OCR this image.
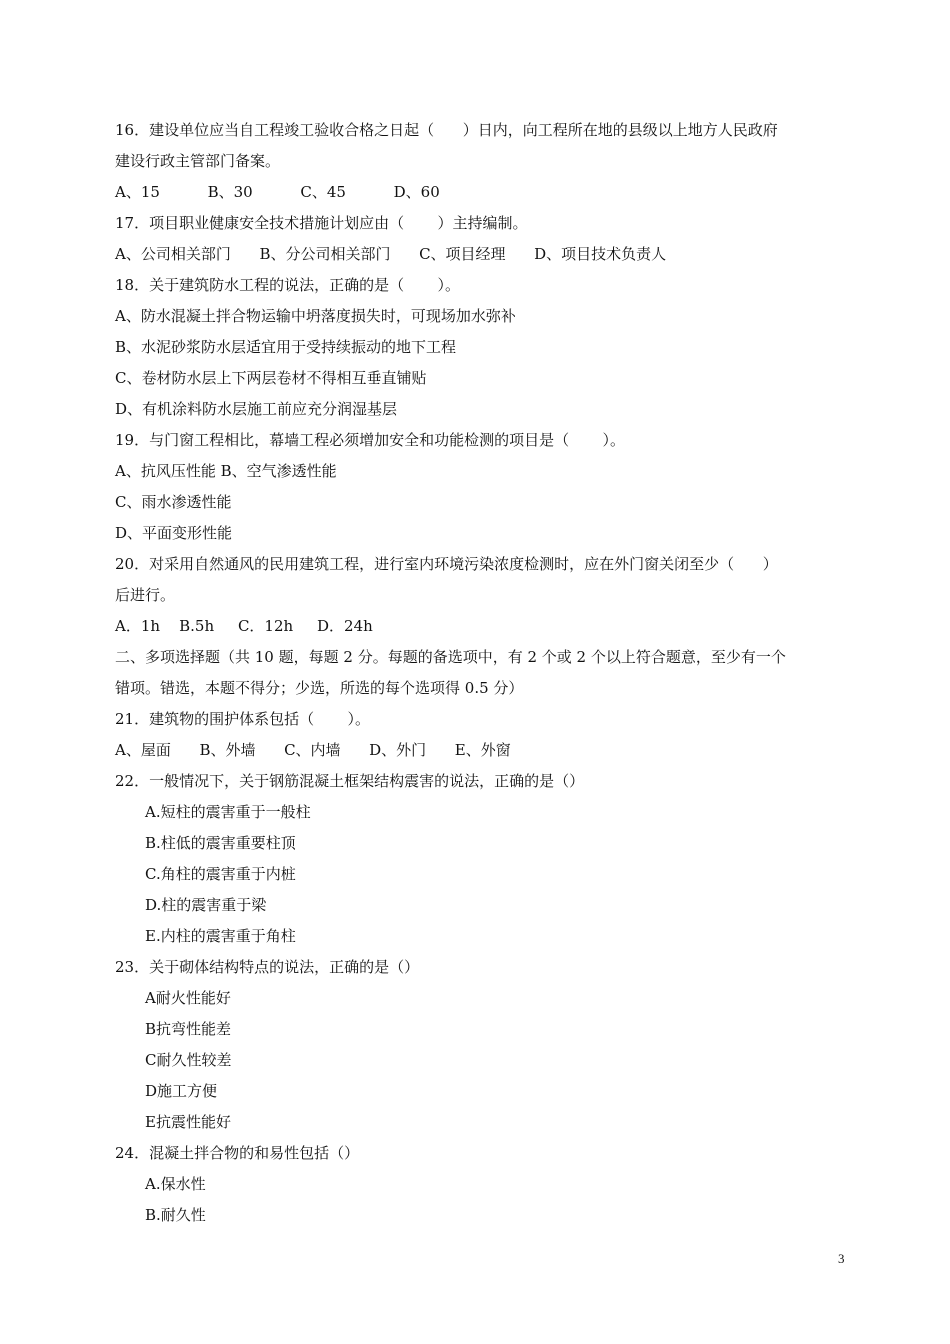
16．建设单位应当自工程竣工验收合格之日起（      ）日内，向工程所在地的县级以上地方人民政府
建设行政主管部门备案。
A、15          B、30          C、45          D、60
17．项目职业健康安全技术措施计划应由（       ）主持编制。
A、公司相关部门      B、分公司相关部门      C、项目经理      D、项目技术负责人
18．关于建筑防水工程的说法，正确的是（       ）。
A、防水混凝土拌合物运输中坍落度损失时，可现场加水弥补
B、水泥砂浆防水层适宜用于受持续振动的地下工程
C、卷材防水层上下两层卷材不得相互垂直铺贴
D、有机涂料防水层施工前应充分润湿基层
19．与门窗工程相比，幕墙工程必须增加安全和功能检测的项目是（       ）。
A、抗风压性能 B、空气渗透性能
C、雨水渗透性能
D、平面变形性能
20．对采用自然通风的民用建筑工程，进行室内环境污染浓度检测时，应在外门窗关闭至少（      ）
后进行。
A．1h    B.5h     C．12h     D．24h
二、多项选择题（共 10 题，每题 2 分。每题的备选项中，有 2 个或 2 个以上符合题意，至少有一个
错项。错选，本题不得分；少选，所选的每个选项得 0.5 分）
21．建筑物的围护体系包括（       ）。
A、屋面      B、外墙      C、内墙      D、外门      E、外窗
22．一般情况下，关于钢筋混凝土框架结构震害的说法，正确的是（）
A.短柱的震害重于一般柱
B.柱低的震害重要柱顶
C.角柱的震害重于内桩
D.柱的震害重于梁
E.内柱的震害重于角柱
23．关于砌体结构特点的说法，正确的是（）
A耐火性能好
B抗弯性能差
C耐久性较差
D施工方便
E抗震性能好
24．混凝土拌合物的和易性包括（）
A.保水性
B.耐久性
3
